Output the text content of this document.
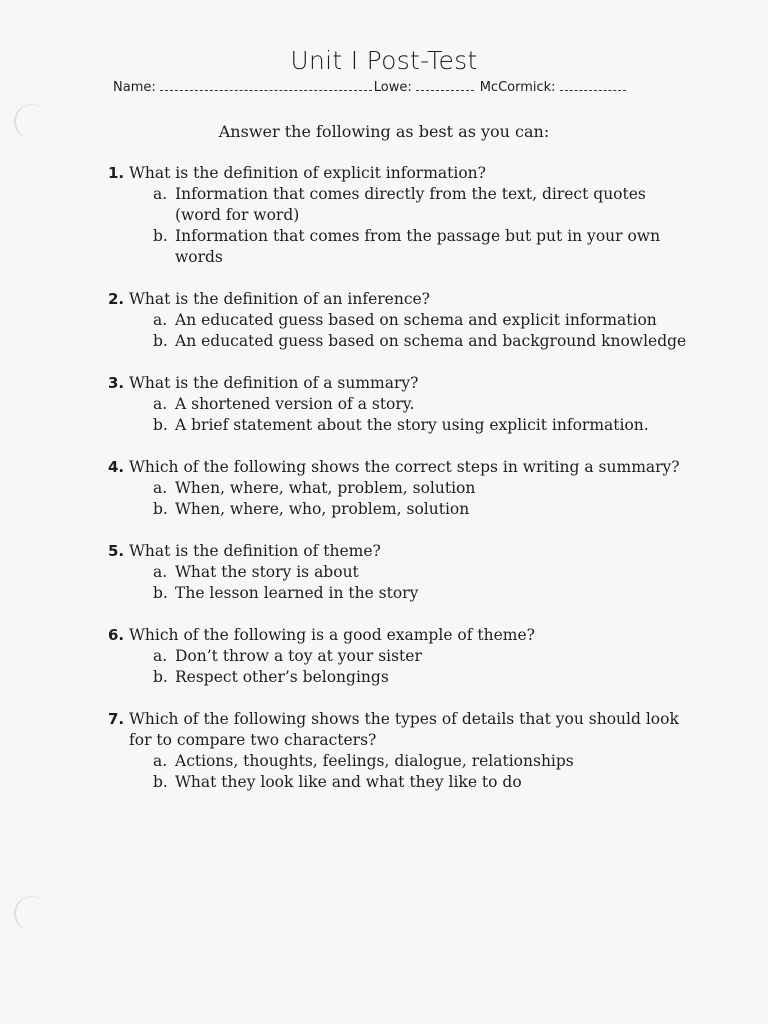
Unit I Post-Test
Name:	Lowe:	McCormick:
Answer the following as best as you can:
1. What is the definition of explicit information?
a. Information that comes directly from the text, direct quotes (word for word)
b. Information that comes from the passage but put in your own words
2. What is the definition of an inference?
a. An educated guess based on schema and explicit information
b. An educated guess based on schema and background knowledge
3. What is the definition of a summary?
a. A shortened version of a story.
b. A brief statement about the story using explicit information.
4. Which of the following shows the correct steps in writing a summary?
a. When, where, what, problem, solution
b. When, where, who, problem, solution
5. What is the definition of theme?
a. What the story is about
b. The lesson learned in the story
6. Which of the following is a good example of theme?
a. Don’t throw a toy at your sister
b. Respect other’s belongings
7. Which of the following shows the types of details that you should look for to compare two characters?
a. Actions, thoughts, feelings, dialogue, relationships
b. What they look like and what they like to do
